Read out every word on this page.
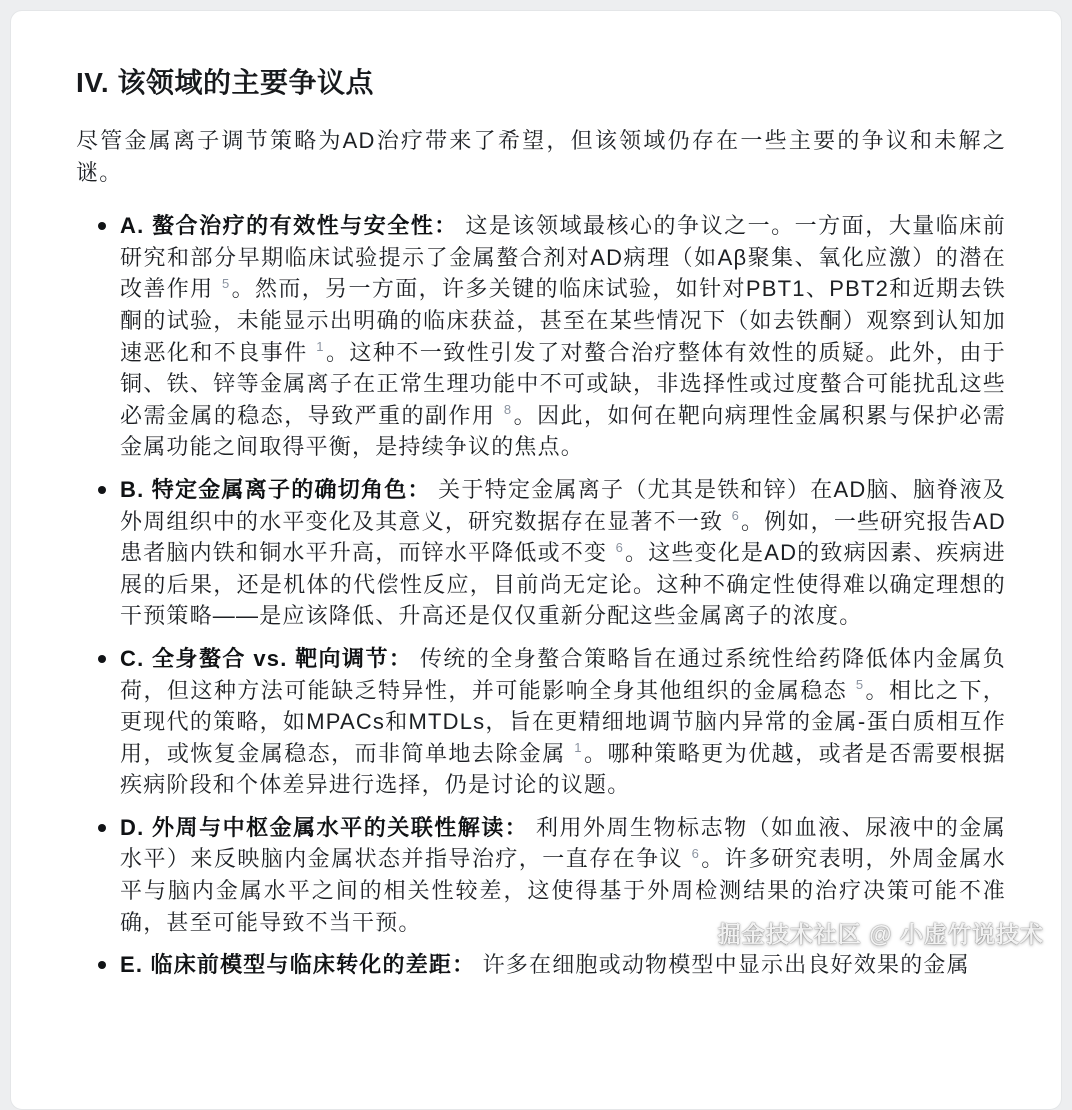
IV. 该领域的主要争议点

尽管金属离子调节策略为AD治疗带来了希望，但该领域仍存在一些主要的争议和未解之谜。

A. 螯合治疗的有效性与安全性： 这是该领域最核心的争议之一。一方面，大量临床前研究和部分早期临床试验提示了金属螯合剂对AD病理（如Aβ聚集、氧化应激）的潜在改善作用 $^5$。然而，另一方面，许多关键的临床试验，如针对PBT1、PBT2和近期去铁酮的试验，未能显示出明确的临床获益，甚至在某些情况下（如去铁酮）观察到认知加速恶化和不良事件 $^1$。这种不一致性引发了对螯合治疗整体有效性的质疑。此外，由于铜、铁、锌等金属离子在正常生理功能中不可或缺，非选择性或过度螯合可能扰乱这些必需金属的稳态，导致严重的副作用 $^8$。因此，如何在靶向病理性金属积累与保护必需金属功能之间取得平衡，是持续争议的焦点。
B. 特定金属离子的确切角色： 关于特定金属离子（尤其是铁和锌）在AD脑、脑脊液及外周组织中的水平变化及其意义，研究数据存在显著不一致 $^6$。例如，一些研究报告AD患者脑内铁和铜水平升高，而锌水平降低或不变 $^6$。这些变化是AD的致病因素、疾病进展的后果，还是机体的代偿性反应，目前尚无定论。这种不确定性使得难以确定理想的干预策略——是应该降低、升高还是仅仅重新分配这些金属离子的浓度。
C. 全身螯合 vs. 靶向调节： 传统的全身螯合策略旨在通过系统性给药降低体内金属负荷，但这种方法可能缺乏特异性，并可能影响全身其他组织的金属稳态 $^5$。相比之下，更现代的策略，如MPACs和MTDLs，旨在更精细地调节脑内异常的金属-蛋白质相互作用，或恢复金属稳态，而非简单地去除金属 $^1$。哪种策略更为优越，或者是否需要根据疾病阶段和个体差异进行选择，仍是讨论的议题。
D. 外周与中枢金属水平的关联性解读： 利用外周生物标志物（如血液、尿液中的金属水平）来反映脑内金属状态并指导治疗，一直存在争议 $^6$。许多研究表明，外周金属水平与脑内金属水平之间的相关性较差，这使得基于外周检测结果的治疗决策可能不准确，甚至可能导致不当干预。
E. 临床前模型与临床转化的差距： 许多在细胞或动物模型中显示出良好效果的金属
掘金技术社区 @ 小虚竹说技术
